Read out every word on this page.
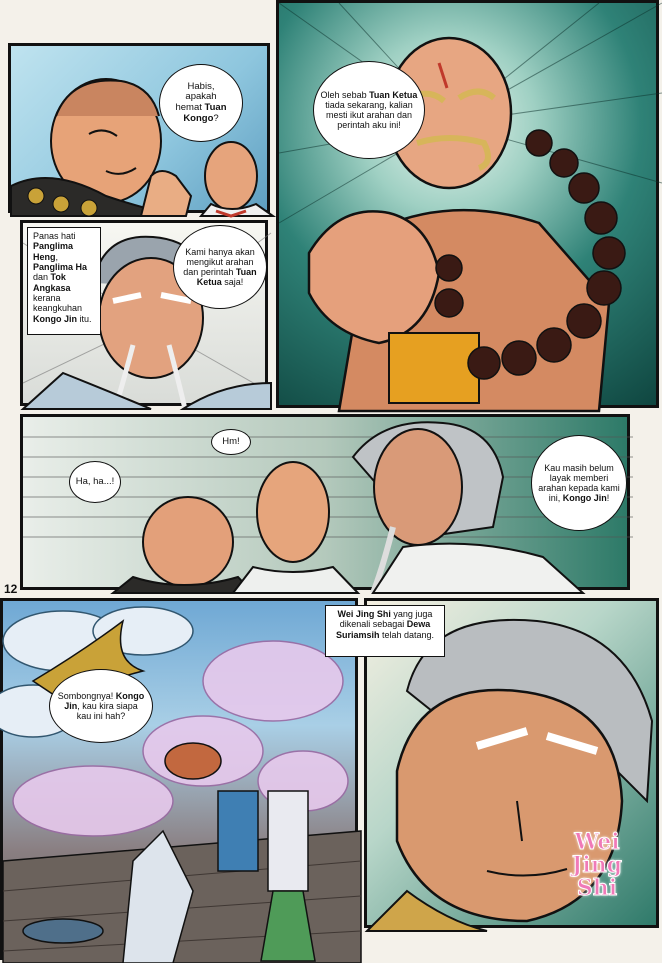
Habis,
apakah
hemat Tuan Kongo?
Oleh sebab Tuan Ketua tiada sekarang, kalian mesti ikut arahan dan perintah aku ini!
Panas hati Panglima Heng, Panglima Ha dan Tok Angkasa kerana keangkuhan Kongo Jin itu.
Kami hanya akan mengikut arahan dan perintah Tuan Ketua saja!
Hm!
Ha, ha...!
Kau masih belum layak memberi arahan kepada kami ini, Kongo Jin!
12
Sombongnya! Kongo Jin, kau kira siapa kau ini hah?
Wei Jing Shi yang juga dikenali sebagai Dewa Suriamsih telah datang.
Wei
Jing
Shi
